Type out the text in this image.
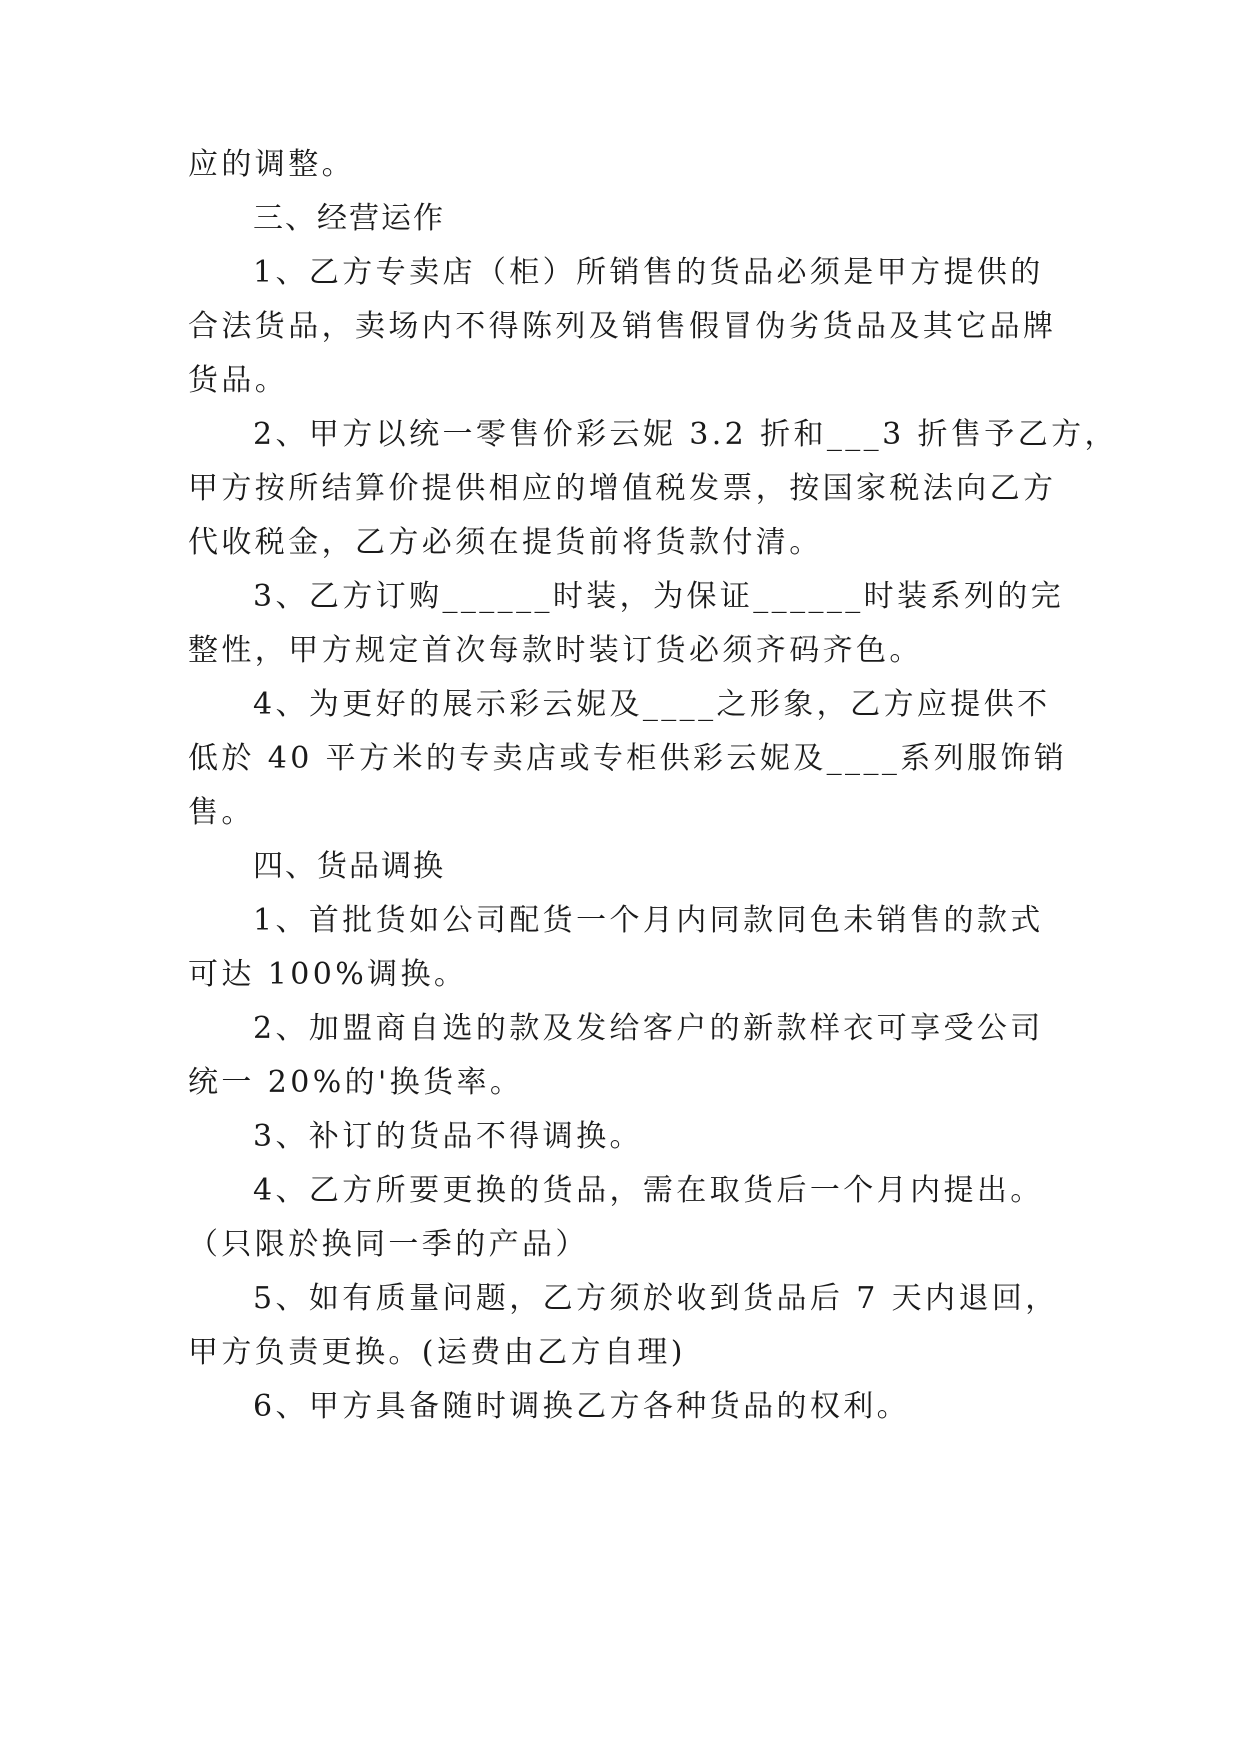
应的调整。
三、经营运作
1、乙方专卖店（柜）所销售的货品必须是甲方提供的
合法货品，卖场内不得陈列及销售假冒伪劣货品及其它品牌
货品。
2、甲方以统一零售价彩云妮 3.2 折和___3 折售予乙方，
甲方按所结算价提供相应的增值税发票，按国家税法向乙方
代收税金，乙方必须在提货前将货款付清。
3、乙方订购______时装，为保证______时装系列的完
整性，甲方规定首次每款时装订货必须齐码齐色。
4、为更好的展示彩云妮及____之形象，乙方应提供不
低於 40 平方米的专卖店或专柜供彩云妮及____系列服饰销
售。
四、货品调换
1、首批货如公司配货一个月内同款同色未销售的款式
可达 100%调换。
2、加盟商自选的款及发给客户的新款样衣可享受公司
统一 20%的'换货率。
3、补订的货品不得调换。
4、乙方所要更换的货品，需在取货后一个月内提出。
（只限於换同一季的产品）
5、如有质量问题，乙方须於收到货品后 7 天内退回，
甲方负责更换。(运费由乙方自理)
6、甲方具备随时调换乙方各种货品的权利。
